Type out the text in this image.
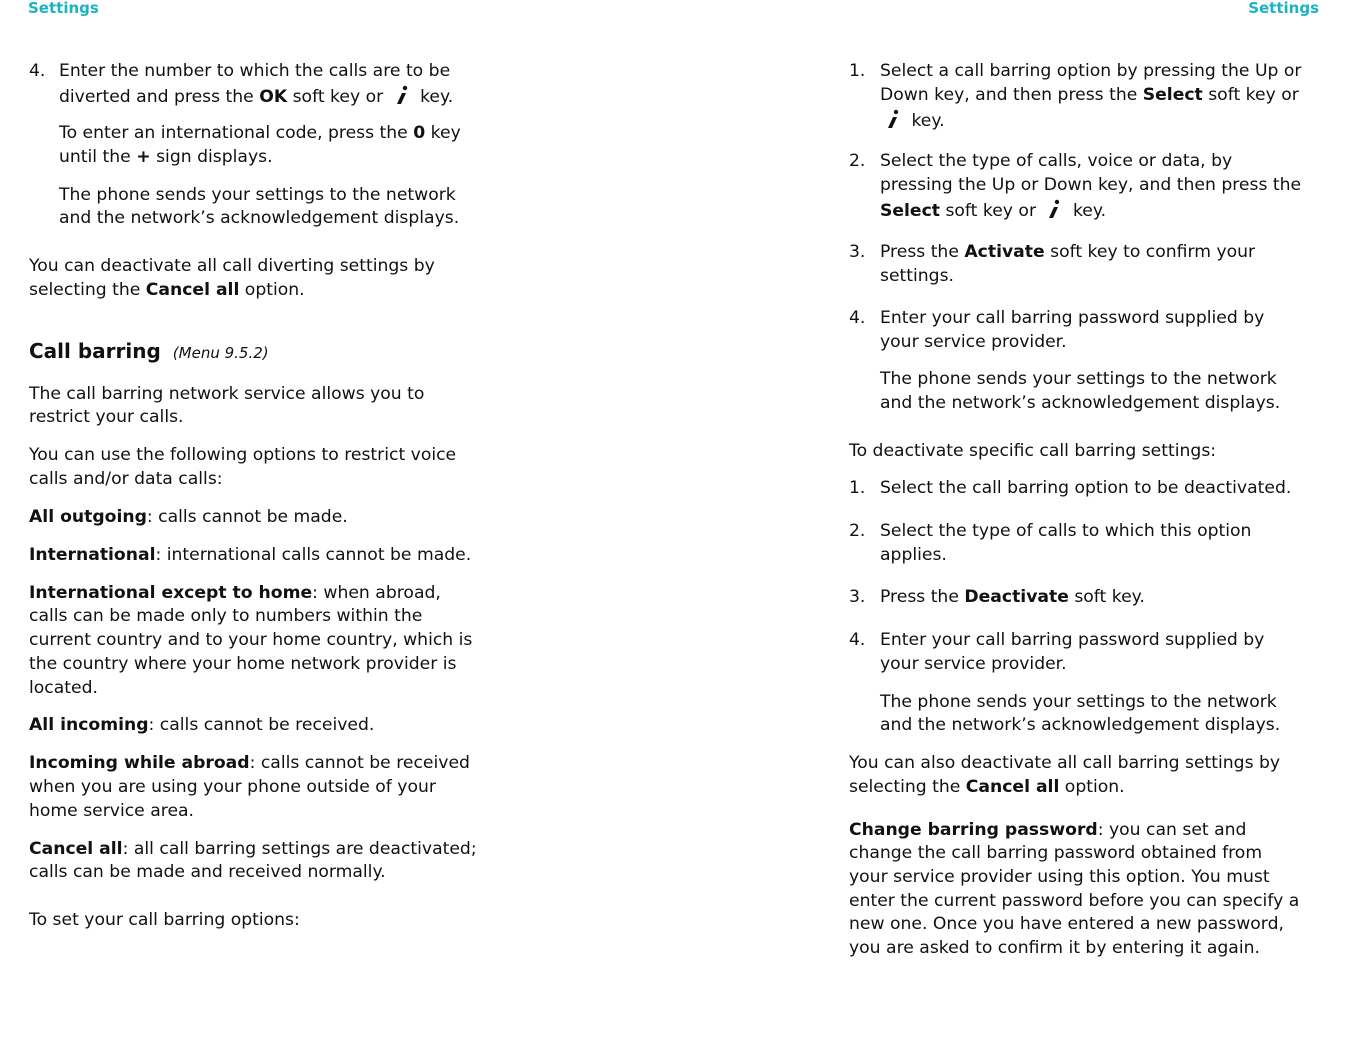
Settings	Settings
4. Enter the number to which the calls are to be

diverted and press the OK soft key or
key.

To enter an international code, press the 0 key

until the + sign displays.

The phone sends your settings to the network

and the network’s acknowledgement displays.

You can deactivate all call diverting settings by

selecting the Cancel all option.

Call barring (Menu 9.5.2)

The call barring network service allows you to

restrict your calls.

You can use the following options to restrict voice

calls and/or data calls:

All outgoing: calls cannot be made.

International: international calls cannot be made.

International except to home: when abroad,

calls can be made only to numbers within the

current country and to your home country, which is

the country where your home network provider is

located.

All incoming: calls cannot be received.

Incoming while abroad: calls cannot be received

when you are using your phone outside of your

home service area.

Cancel all: all call barring settings are deactivated;

calls can be made and received normally.

To set your call barring options:

156
1. Select a call barring option by pressing the Up or

Down key, and then press the Select soft key or

key.

2. Select the type of calls, voice or data, by

pressing the Up or Down key, and then press the

Select soft key or
key.

3. Press the Activate soft key to confirm your

settings.

4. Enter your call barring password supplied by

your service provider.

The phone sends your settings to the network

and the network’s acknowledgement displays.

To deactivate specific call barring settings:

1. Select the call barring option to be deactivated.

2. Select the type of calls to which this option

applies.

3. Press the Deactivate soft key.

4. Enter your call barring password supplied by

your service provider.

The phone sends your settings to the network

and the network’s acknowledgement displays.

You can also deactivate all call barring settings by

selecting the Cancel all option.

Change barring password: you can set and

change the call barring password obtained from

your service provider using this option. You must

enter the current password before you can specify a

new one. Once you have entered a new password,

you are asked to confirm it by entering it again.

157
